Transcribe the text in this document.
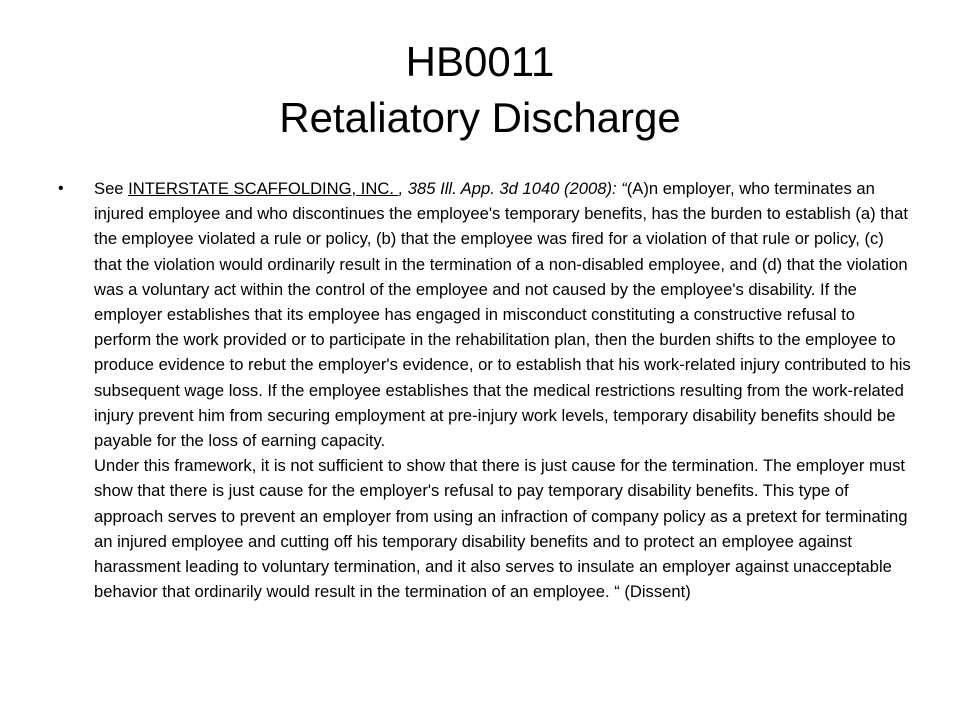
HB0011
Retaliatory Discharge
• See INTERSTATE SCAFFOLDING, INC. , 385 Ill. App. 3d 1040 (2008): “(A)n employer, who terminates an injured employee and who discontinues the employee's temporary benefits, has the burden to establish (a) that the employee violated a rule or policy, (b) that the employee was fired for a violation of that rule or policy, (c) that the violation would ordinarily result in the termination of a non-disabled employee, and (d) that the violation was a voluntary act within the control of the employee and not caused by the employee's disability. If the employer establishes that its employee has engaged in misconduct constituting a constructive refusal to perform the work provided or to participate in the rehabilitation plan, then the burden shifts to the employee to produce evidence to rebut the employer's evidence, or to establish that his work-related injury contributed to his subsequent wage loss. If the employee establishes that the medical restrictions resulting from the work-related injury prevent him from securing employment at pre-injury work levels, temporary disability benefits should be payable for the loss of earning capacity.

Under this framework, it is not sufficient to show that there is just cause for the termination. The employer must show that there is just cause for the employer's refusal to pay temporary disability benefits. This type of approach serves to prevent an employer from using an infraction of company policy as a pretext for terminating an injured employee and cutting off his temporary disability benefits and to protect an employee against harassment leading to voluntary termination, and it also serves to insulate an employer against unacceptable behavior that ordinarily would result in the termination of an employee. “ (Dissent)
